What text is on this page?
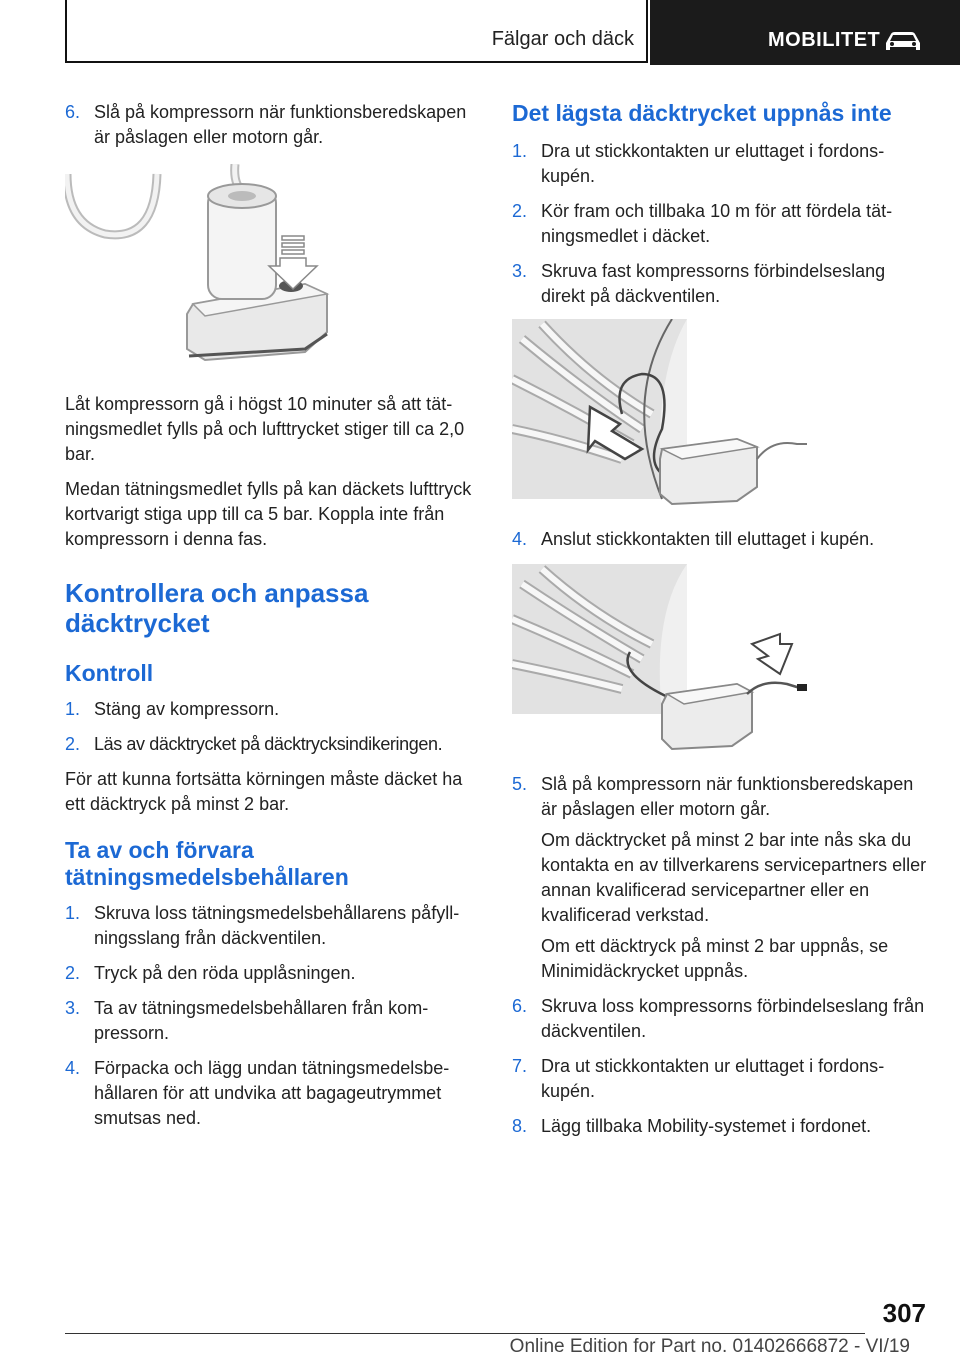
Fälgar och däck	MOBILITET
6. Slå på kompressorn när funktionsberedskapen är påslagen eller motorn går.

Låt kompressorn gå i högst 10 minuter så att tätningsmedlet fylls på och lufttrycket stiger till ca 2,0 bar.

Medan tätningsmedlet fylls på kan däckets lufttryck kortvarigt stiga upp till ca 5 bar. Koppla inte från kompressorn i denna fas.

Kontrollera och anpassa däcktrycket
Kontroll
1. Stäng av kompressorn.
2. Läs av däcktrycket på däcktrycksindikeringen.

För att kunna fortsätta körningen måste däcket ha ett däcktryck på minst 2 bar.

Ta av och förvara tätningsmedelsbehållaren
1. Skruva loss tätningsmedelsbehållarens påfyllningsslang från däckventilen.
2. Tryck på den röda upplåsningen.
3. Ta av tätningsmedelsbehållaren från kompressorn.
4. Förpacka och lägg undan tätningsmedelsbehållaren för att undvika att bagageutrymmet smutsas ned.
Det lägsta däcktrycket uppnås inte
1. Dra ut stickkontakten ur eluttaget i fordonskupén.
2. Kör fram och tillbaka 10 m för att fördela tätningsmedlet i däcket.
3. Skruva fast kompressorns förbindelseslang direkt på däckventilen.
4. Anslut stickkontakten till eluttaget i kupén.
5. Slå på kompressorn när funktionsberedskapen är påslagen eller motorn går.

Om däcktrycket på minst 2 bar inte nås ska du kontakta en av tillverkarens servicepartners eller annan kvalificerad servicepartner eller en kvalificerad verkstad.

Om ett däcktryck på minst 2 bar uppnås, se Minimidäckrycket uppnås.

6. Skruva loss kompressorns förbindelseslang från däckventilen.
7. Dra ut stickkontakten ur eluttaget i fordonskupén.
8. Lägg tillbaka Mobility-systemet i fordonet.
307
Online Edition for Part no. 01402666872 - VI/19
